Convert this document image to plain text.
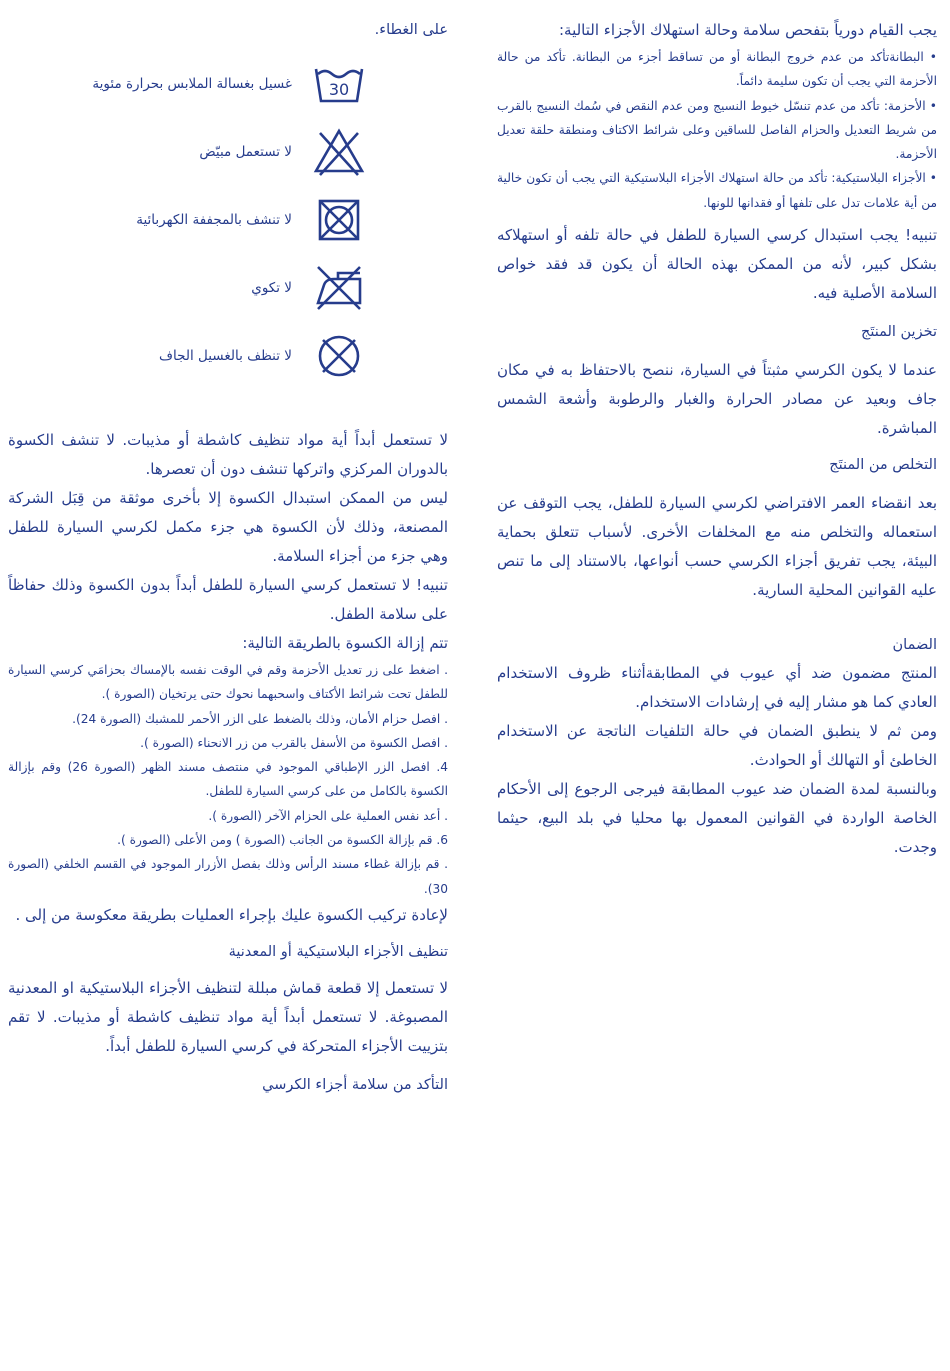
يجب القيام دورياً بتفحص سلامة وحالة استهلاك الأجزاء التالية:

• البطانةتأكد من عدم خروج البطانة أو من تساقط أجزء من البطانة. تأكد من حالة الأحزمة التي يجب أن تكون سليمة دائماً.

• الأحزمة: تأكد من عدم تنسّل خيوط النسيج ومن عدم النقص في سُمك النسيج بالقرب من شريط التعديل والحزام الفاصل للساقين وعلى شرائط الاكتاف ومنطقة حلقة تعديل الأحزمة.

• الأجزاء البلاستيكية: تأكد من حالة استهلاك الأجزاء البلاستيكية التي يجب أن تكون خالية من أية علامات تدل على تلفها أو فقدانها للونها.

تنبيه! يجب استبدال كرسي السيارة للطفل في حالة تلفه أو استهلاكه بشكل كبير، لأنه من الممكن بهذه الحالة أن يكون قد فقد خواص السلامة الأصلية فيه.

تخزين المنتَج

عندما لا يكون الكرسي مثبتاً في السيارة، ننصح بالاحتفاظ به في مكان جاف وبعيد عن مصادر الحرارة والغبار والرطوبة وأشعة الشمس المباشرة.

التخلص من المنتَج

بعد انقضاء العمر الافتراضي لكرسي السيارة للطفل، يجب التوقف عن استعماله والتخلص منه مع المخلفات الأخرى. لأسباب تتعلق بحماية البيئة، يجب تفريق أجزاء الكرسي حسب أنواعها، بالاستناد إلى ما تنص عليه القوانين المحلية السارية.

الضمان

المنتج مضمون ضد أي عيوب في المطابقةأثناء ظروف الاستخدام العادي كما هو مشار إليه في إرشادات الاستخدام.

ومن ثم لا ينطبق الضمان في حالة التلفيات الناتجة عن الاستخدام الخاطئ أو التهالك أو الحوادث.

وبالنسبة لمدة الضمان ضد عيوب المطابقة فيرجى الرجوع إلى الأحكام الخاصة الواردة في القوانين المعمول بها محليا في بلد البيع، حيثما وجدت.

على الغطاء.

30
غسيل بغسالة الملابس بحرارة مئوية
لا تستعمل مبيّض
لا تنشف بالمجففة الكهربائية
لا تكوي
لا تنظف بالغسيل الجاف

لا تستعمل أبداً أية مواد تنظيف كاشطة أو مذيبات. لا تنشف الكسوة بالدوران المركزي واتركها تنشف دون أن تعصرها.

ليس من الممكن استبدال الكسوة إلا بأخرى موثقة من قِبَل الشركة المصنعة، وذلك لأن الكسوة هي جزء مكمل لكرسي السيارة للطفل وهي جزء من أجزاء السلامة.

تنبيه! لا تستعمل كرسي السيارة للطفل أبداً بدون الكسوة وذلك حفاظاً على سلامة الطفل.

تتم إزالة الكسوة بالطريقة التالية:

. اضغط على زر تعديل الأحزمة وقم في الوقت نفسه بالإمساك بحزامَي كرسي السيارة للطفل تحت شرائط الأكتاف واسحبهما نحوك حتى يرتخيان (الصورة ).

. افصل حزام الأمان، وذلك بالضغط على الزر الأحمر للمشبك (الصورة 24).

. افصل الكسوة من الأسفل بالقرب من زر الانحناء (الصورة ).

4. افصل الزر الإطباقي الموجود في منتصف مسند الظهر (الصورة 26) وقم بإزالة الكسوة بالكامل من على كرسي السيارة للطفل.

. أعد نفس العملية على الحزام الآخر (الصورة ).

6. قم بإزالة الكسوة من الجانب (الصورة ) ومن الأعلى (الصورة ).

. قم بإزالة غطاء مسند الرأس وذلك بفصل الأزرار الموجود في القسم الخلفي (الصورة 30).

لإعادة تركيب الكسوة عليك بإجراء العمليات بطريقة معكوسة من إلى .

تنظيف الأجزاء البلاستيكية أو المعدنية

لا تستعمل إلا قطعة قماش مبللة لتنظيف الأجزاء البلاستيكية او المعدنية المصبوغة. لا تستعمل أبداً أية مواد تنظيف كاشطة أو مذيبات. لا تقم بتزييت الأجزاء المتحركة في كرسي السيارة للطفل أبداً.

التأكد من سلامة أجزاء الكرسي
